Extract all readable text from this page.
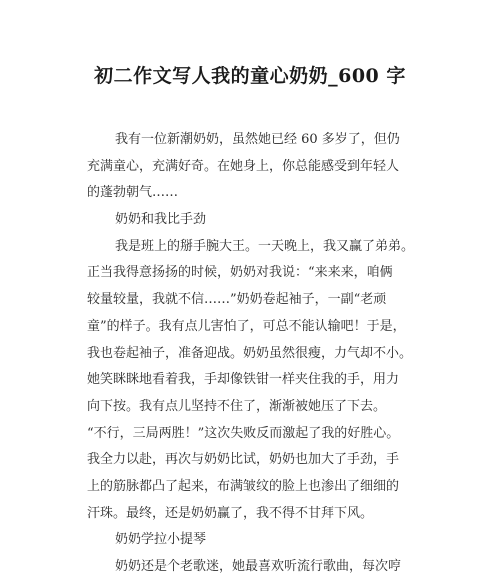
初二作文写人我的童心奶奶_600 字
我有一位新潮奶奶，虽然她已经 60 多岁了，但仍
充满童心，充满好奇。在她身上，你总能感受到年轻人
的蓬勃朝气……
奶奶和我比手劲
我是班上的掰手腕大王。一天晚上，我又赢了弟弟。
正当我得意扬扬的时候，奶奶对我说：“来来来，咱俩
较量较量，我就不信……”奶奶卷起袖子，一副“老顽
童”的样子。我有点儿害怕了，可总不能认输吧！于是，
我也卷起袖子，准备迎战。奶奶虽然很瘦，力气却不小。
她笑眯眯地看着我，手却像铁钳一样夹住我的手，用力
向下按。我有点儿坚持不住了，渐渐被她压了下去。
“不行，三局两胜！”这次失败反而激起了我的好胜心。
我全力以赴，再次与奶奶比试，奶奶也加大了手劲，手
上的筋脉都凸了起来，布满皱纹的脸上也渗出了细细的
汗珠。最终，还是奶奶赢了，我不得不甘拜下风。
奶奶学拉小提琴
奶奶还是个老歌迷，她最喜欢听流行歌曲，每次哼
